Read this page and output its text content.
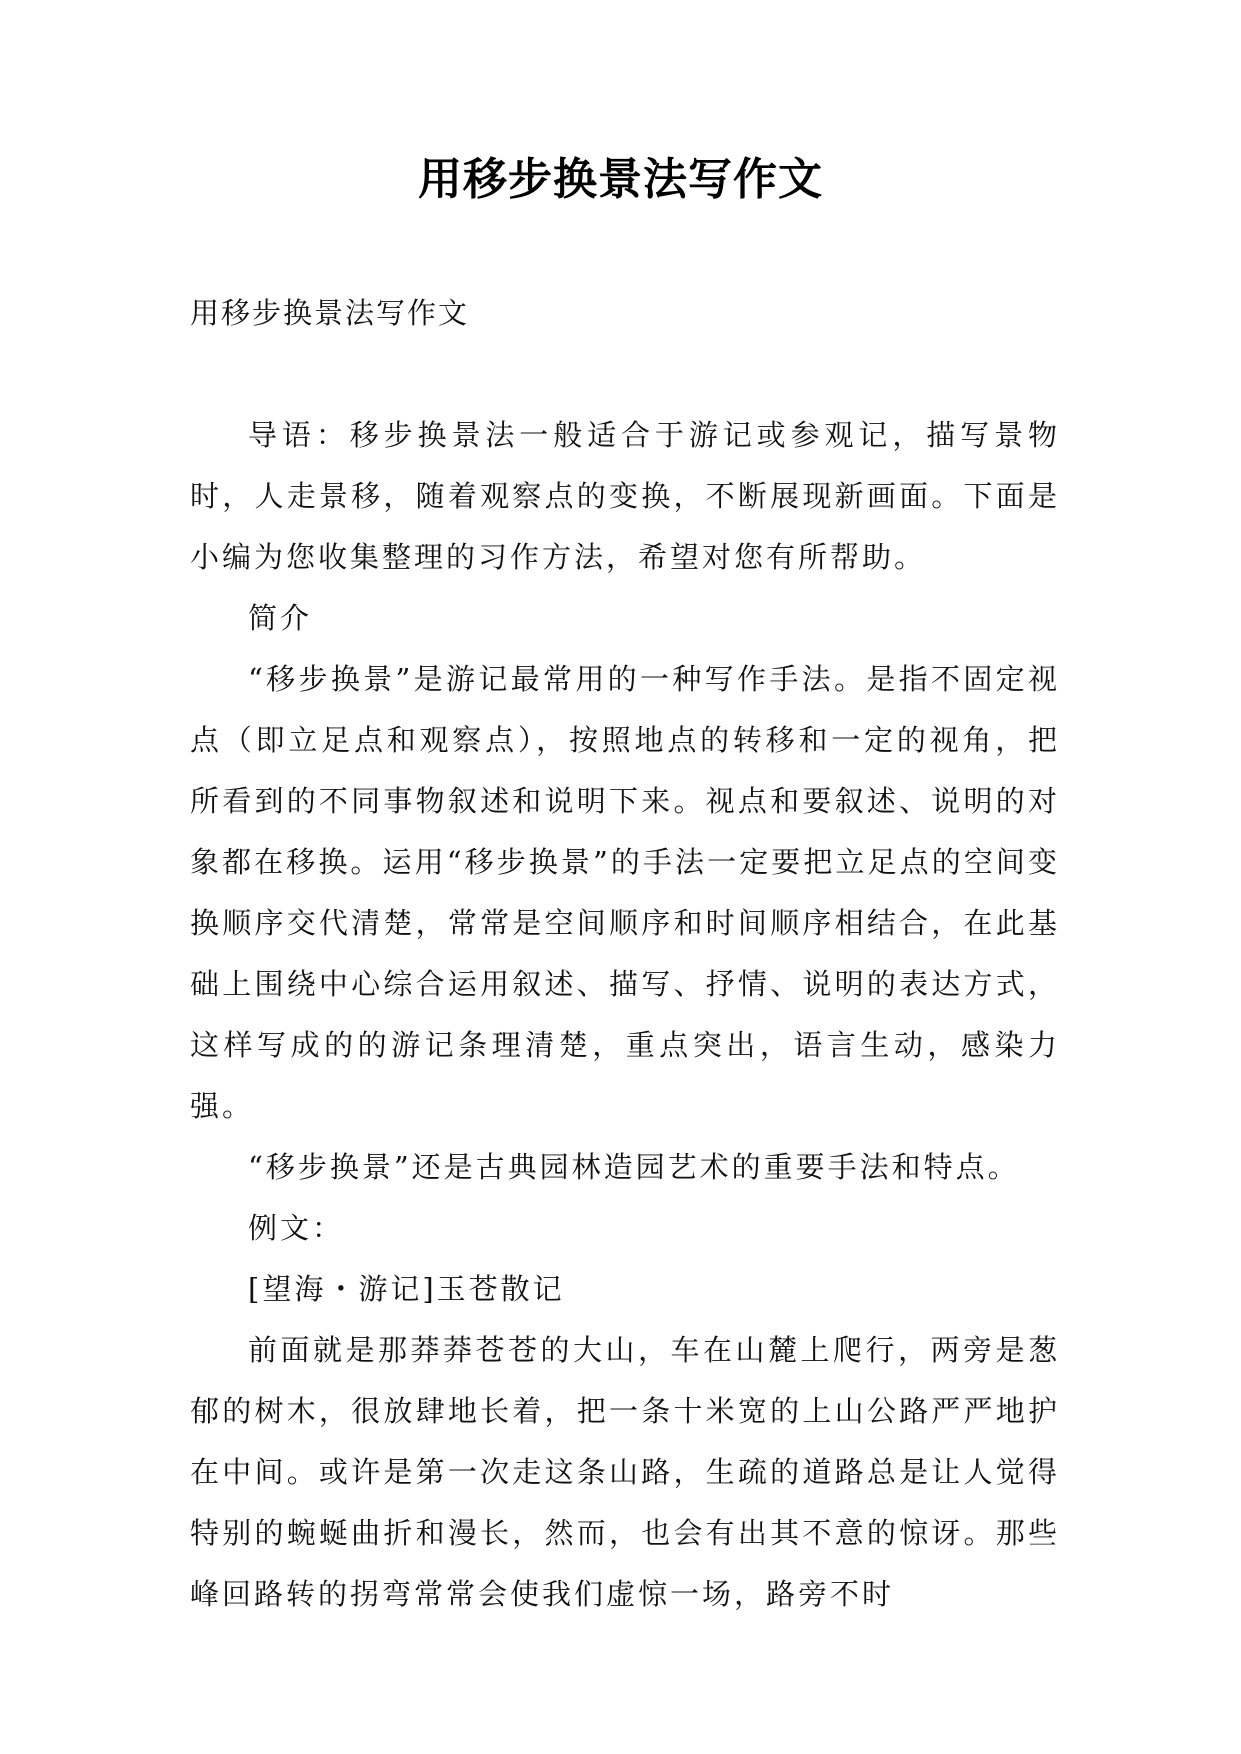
用移步换景法写作文

用移步换景法写作文

导语：移步换景法一般适合于游记或参观记，描写景物时，人走景移，随着观察点的变换，不断展现新画面。下面是小编为您收集整理的习作方法，希望对您有所帮助。

简介

“移步换景”是游记最常用的一种写作手法。是指不固定视点（即立足点和观察点），按照地点的转移和一定的视角，把所看到的不同事物叙述和说明下来。视点和要叙述、说明的对象都在移换。运用“移步换景”的手法一定要把立足点的空间变换顺序交代清楚，常常是空间顺序和时间顺序相结合，在此基础上围绕中心综合运用叙述、描写、抒情、说明的表达方式，这样写成的的游记条理清楚，重点突出，语言生动，感染力强。

“移步换景”还是古典园林造园艺术的重要手法和特点。

例文：

[望海・游记]玉苍散记

前面就是那莽莽苍苍的大山，车在山麓上爬行，两旁是葱郁的树木，很放肆地长着，把一条十米宽的上山公路严严地护在中间。或许是第一次走这条山路，生疏的道路总是让人觉得特别的蜿蜒曲折和漫长，然而，也会有出其不意的惊讶。那些峰回路转的拐弯常常会使我们虚惊一场，路旁不时
